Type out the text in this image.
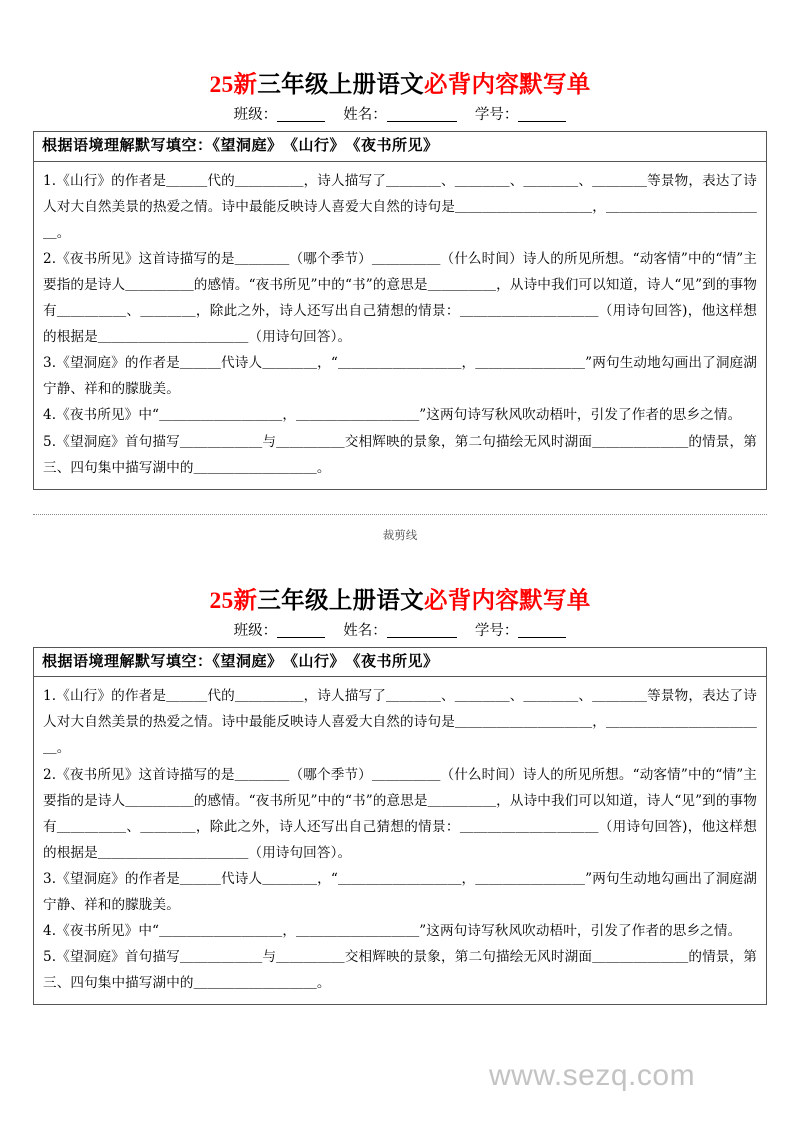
25新三年级上册语文必背内容默写单
班级：	姓名：	学号：
根据语境理解默写填空：《望洞庭》　《山行》　《夜书所见》

1.《山行》的作者是＿＿＿代的＿＿＿＿＿，诗人描写了＿＿＿＿、＿＿＿＿、＿＿＿＿、＿＿＿＿等景物，表达了诗人对大自然美景的热爱之情。诗中最能反映诗人喜爱大自然的诗句是＿＿＿＿＿＿＿＿＿＿，＿＿＿＿＿＿＿＿＿＿＿＿。

2.《夜书所见》这首诗描写的是＿＿＿＿（哪个季节）＿＿＿＿＿（什么时间）诗人的所见所想。“动客情”中的“情”主要指的是诗人＿＿＿＿＿的感情。“夜书所见”中的“书”的意思是＿＿＿＿＿，从诗中我们可以知道，诗人“见”到的事物有＿＿＿＿＿、＿＿＿＿，除此之外，诗人还写出自己猜想的情景：＿＿＿＿＿＿＿＿＿＿（用诗句回答)，他这样想的根据是＿＿＿＿＿＿＿＿＿＿＿（用诗句回答）。

3.《望洞庭》的作者是＿＿＿代诗人＿＿＿＿，“＿＿＿＿＿＿＿＿＿，＿＿＿＿＿＿＿＿”两句生动地勾画出了洞庭湖宁静、祥和的朦胧美。

4.《夜书所见》中“＿＿＿＿＿＿＿＿＿，＿＿＿＿＿＿＿＿＿”这两句诗写秋风吹动梧叶，引发了作者的思乡之情。

5.《望洞庭》首句描写＿＿＿＿＿＿与＿＿＿＿＿交相辉映的景象，第二句描绘无风时湖面＿＿＿＿＿＿＿的情景，第三、四句集中描写湖中的＿＿＿＿＿＿＿＿＿。

裁剪线
25新三年级上册语文必背内容默写单
班级：	姓名：	学号：
根据语境理解默写填空：《望洞庭》　《山行》　《夜书所见》

1.《山行》的作者是＿＿＿代的＿＿＿＿＿，诗人描写了＿＿＿＿、＿＿＿＿、＿＿＿＿、＿＿＿＿等景物，表达了诗人对大自然美景的热爱之情。诗中最能反映诗人喜爱大自然的诗句是＿＿＿＿＿＿＿＿＿＿，＿＿＿＿＿＿＿＿＿＿＿＿。

2.《夜书所见》这首诗描写的是＿＿＿＿（哪个季节）＿＿＿＿＿（什么时间）诗人的所见所想。“动客情”中的“情”主要指的是诗人＿＿＿＿＿的感情。“夜书所见”中的“书”的意思是＿＿＿＿＿，从诗中我们可以知道，诗人“见”到的事物有＿＿＿＿＿、＿＿＿＿，除此之外，诗人还写出自己猜想的情景：＿＿＿＿＿＿＿＿＿＿（用诗句回答)，他这样想的根据是＿＿＿＿＿＿＿＿＿＿＿（用诗句回答）。

3.《望洞庭》的作者是＿＿＿代诗人＿＿＿＿，“＿＿＿＿＿＿＿＿＿，＿＿＿＿＿＿＿＿”两句生动地勾画出了洞庭湖宁静、祥和的朦胧美。

4.《夜书所见》中“＿＿＿＿＿＿＿＿＿，＿＿＿＿＿＿＿＿＿”这两句诗写秋风吹动梧叶，引发了作者的思乡之情。

5.《望洞庭》首句描写＿＿＿＿＿＿与＿＿＿＿＿交相辉映的景象，第二句描绘无风时湖面＿＿＿＿＿＿＿的情景，第三、四句集中描写湖中的＿＿＿＿＿＿＿＿＿。

www.sezq.com
